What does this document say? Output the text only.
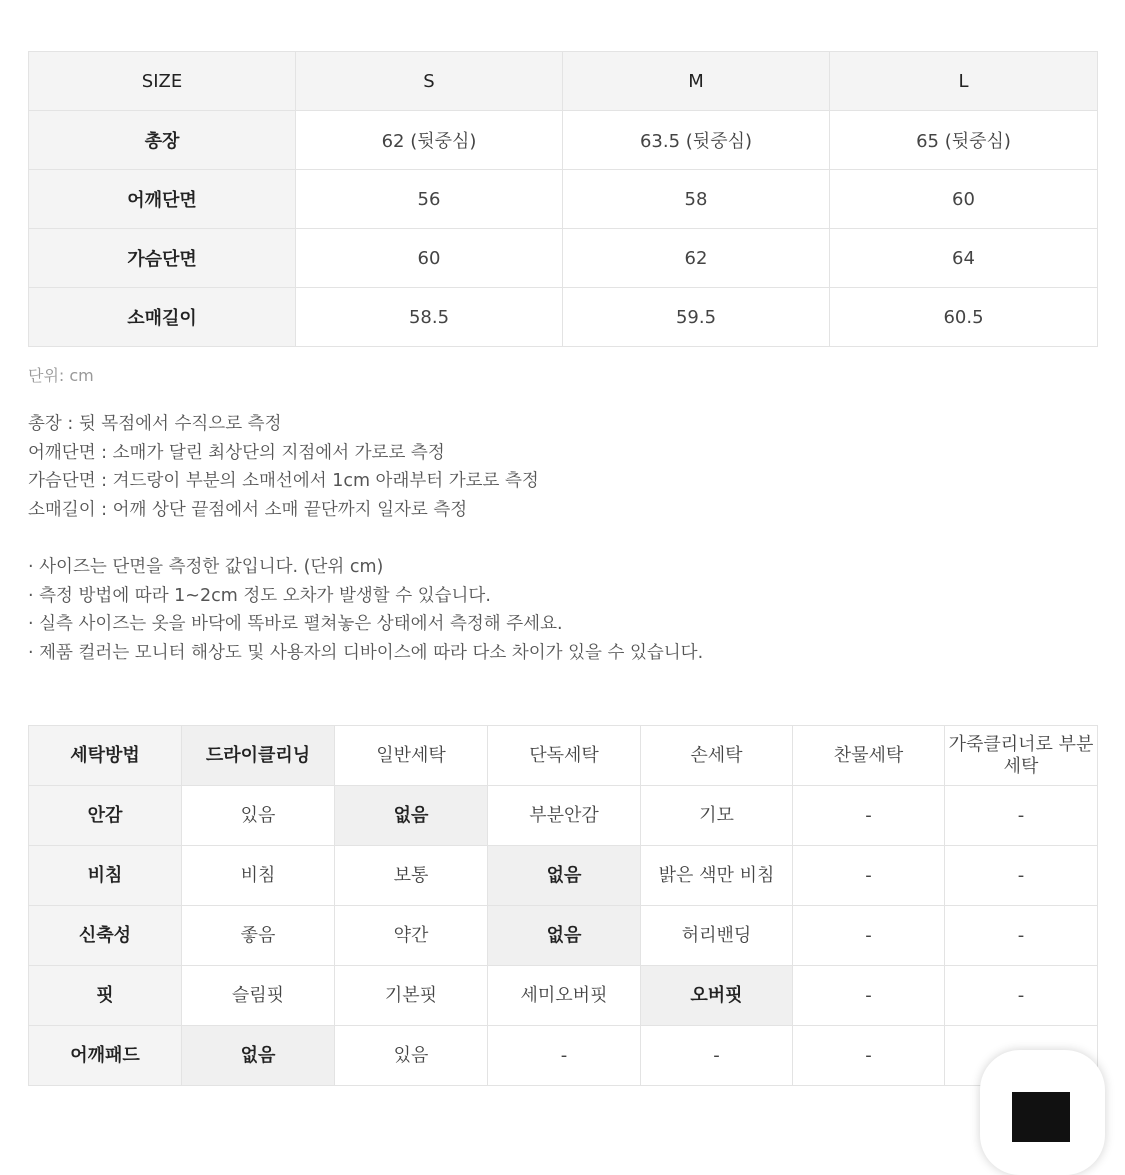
SIZE	S	M	L
총장	62 (뒷중심)	63.5 (뒷중심)	65 (뒷중심)
어깨단면	56	58	60
가슴단면	60	62	64
소매길이	58.5	59.5	60.5
단위: cm
총장 : 뒷 목점에서 수직으로 측정
어깨단면 : 소매가 달린 최상단의 지점에서 가로로 측정
가슴단면 : 겨드랑이 부분의 소매선에서 1cm 아래부터 가로로 측정
소매길이 : 어깨 상단 끝점에서 소매 끝단까지 일자로 측정
· 사이즈는 단면을 측정한 값입니다. (단위 cm)
· 측정 방법에 따라 1~2cm 정도 오차가 발생할 수 있습니다.
· 실측 사이즈는 옷을 바닥에 똑바로 펼쳐놓은 상태에서 측정해 주세요.
· 제품 컬러는 모니터 해상도 및 사용자의 디바이스에 따라 다소 차이가 있을 수 있습니다.
세탁방법	드라이클리닝	일반세탁	단독세탁	손세탁	찬물세탁	가죽클리너로 부분세탁
안감	있음	없음	부분안감	기모	-	-
비침	비침	보통	없음	밝은 색만 비침	-	-
신축성	좋음	약간	없음	허리밴딩	-	-
핏	슬림핏	기본핏	세미오버핏	오버핏	-	-
어깨패드	없음	있음	-	-	-	
